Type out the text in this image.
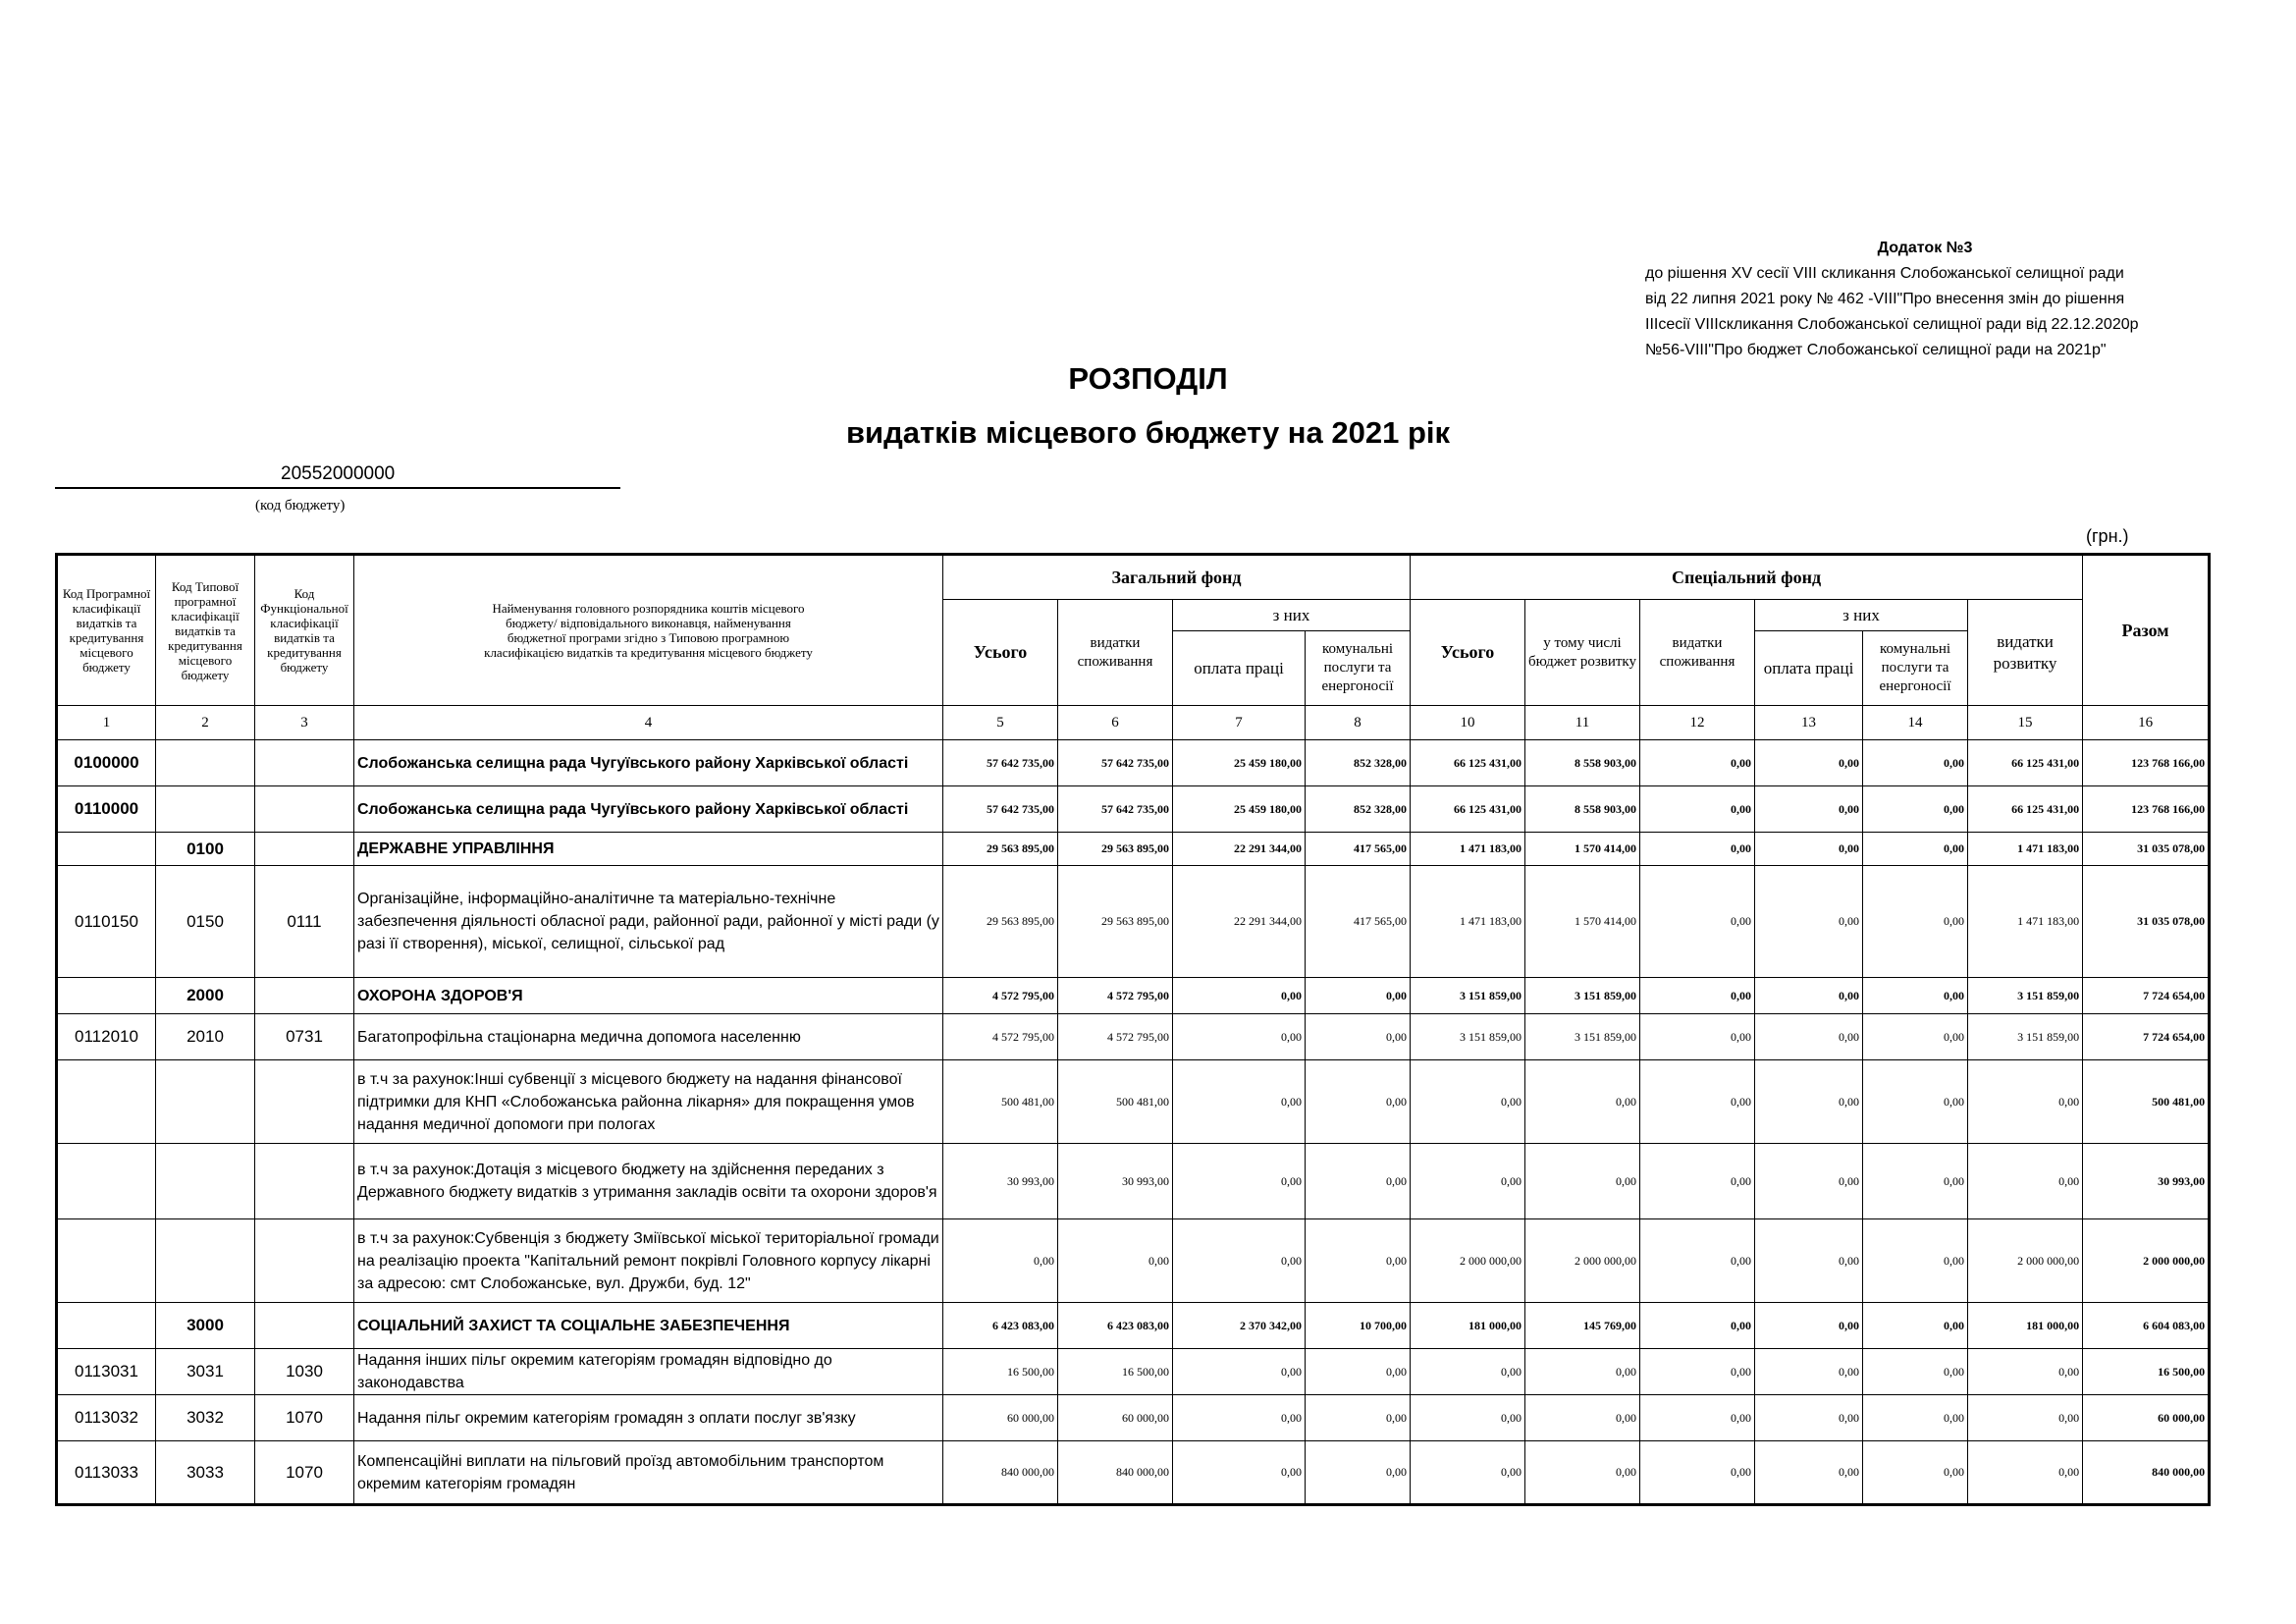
Додаток №3
до рішення XV сесії VIII скликання Слобожанської селищної ради
від 22 липня 2021 року № 462 -VIII"Про внесення змін до рішення
IIIсесії VIIIскликання Слобожанської селищної ради від 22.12.2020р
№56-VIII"Про бюджет Слобожанської селищної ради на 2021р"
РОЗПОДІЛ
видатків місцевого бюджету на 2021 рік
20552000000
(код бюджету)
(грн.)
Код Програмної класифікації видатків та кредитування місцевого бюджету	Код Типової програмної класифікації видатків та кредитування місцевого бюджету	Код Функціональної класифікації видатків та кредитування бюджету	Найменування головного розпорядника коштів місцевого бюджету/ відповідального виконавця, найменування бюджетної програми згідно з Типовою програмною класифікацією видатків та кредитування місцевого бюджету	Загальний фонд				Спеціальний фонд						Разом
				Усього	видатки споживання	з них		Усього	у тому числі бюджет розвитку	видатки споживання	з них		видатки розвитку	
						оплата праці	комунальні послуги та енергоносії				оплата праці	комунальні послуги та енергоносії		
1	2	3	4	5	6	7	8	10	11	12	13	14	15	16
0100000			Слобожанська селищна рада Чугуївського району Харківської області	57 642 735,00	57 642 735,00	25 459 180,00	852 328,00	66 125 431,00	8 558 903,00	0,00	0,00	0,00	66 125 431,00	123 768 166,00
0110000			Слобожанська селищна рада Чугуївського району Харківської області	57 642 735,00	57 642 735,00	25 459 180,00	852 328,00	66 125 431,00	8 558 903,00	0,00	0,00	0,00	66 125 431,00	123 768 166,00
	0100		ДЕРЖАВНЕ УПРАВЛІННЯ	29 563 895,00	29 563 895,00	22 291 344,00	417 565,00	1 471 183,00	1 570 414,00	0,00	0,00	0,00	1 471 183,00	31 035 078,00
0110150	0150	0111	Організаційне, інформаційно-аналітичне та матеріально-технічне забезпечення діяльності обласної ради, районної ради, районної у місті ради (у разі її створення), міської, селищної, сільської рад	29 563 895,00	29 563 895,00	22 291 344,00	417 565,00	1 471 183,00	1 570 414,00	0,00	0,00	0,00	1 471 183,00	31 035 078,00
	2000		ОХОРОНА ЗДОРОВ'Я	4 572 795,00	4 572 795,00	0,00	0,00	3 151 859,00	3 151 859,00	0,00	0,00	0,00	3 151 859,00	7 724 654,00
0112010	2010	0731	Багатопрофільна стаціонарна медична допомога населенню	4 572 795,00	4 572 795,00	0,00	0,00	3 151 859,00	3 151 859,00	0,00	0,00	0,00	3 151 859,00	7 724 654,00
			в т.ч за рахунок:Інші субвенції з місцевого бюджету на надання фінансової підтримки для КНП «Слобожанська районна лікарня» для покращення умов надання медичної допомоги при пологах	500 481,00	500 481,00	0,00	0,00	0,00	0,00	0,00	0,00	0,00	0,00	500 481,00
			в т.ч за рахунок:Дотація з місцевого бюджету на здійснення переданих з Державного бюджету видатків з утримання закладів освіти та охорони здоров'я	30 993,00	30 993,00	0,00	0,00	0,00	0,00	0,00	0,00	0,00	0,00	30 993,00
			в т.ч за рахунок:Субвенція з бюджету Зміївської міської територіальної громади на реалізацію проекта "Капітальний ремонт покрівлі Головного корпусу лікарні за адресою: смт Слобожанське, вул. Дружби, буд. 12"	0,00	0,00	0,00	0,00	2 000 000,00	2 000 000,00	0,00	0,00	0,00	2 000 000,00	2 000 000,00
	3000		СОЦІАЛЬНИЙ ЗАХИСТ ТА СОЦІАЛЬНЕ ЗАБЕЗПЕЧЕННЯ	6 423 083,00	6 423 083,00	2 370 342,00	10 700,00	181 000,00	145 769,00	0,00	0,00	0,00	181 000,00	6 604 083,00
0113031	3031	1030	Надання інших пільг окремим категоріям громадян відповідно до законодавства	16 500,00	16 500,00	0,00	0,00	0,00	0,00	0,00	0,00	0,00	0,00	16 500,00
0113032	3032	1070	Надання пільг окремим категоріям громадян з оплати послуг зв'язку	60 000,00	60 000,00	0,00	0,00	0,00	0,00	0,00	0,00	0,00	0,00	60 000,00
0113033	3033	1070	Компенсаційні виплати на пільговий проїзд автомобільним транспортом окремим категоріям громадян	840 000,00	840 000,00	0,00	0,00	0,00	0,00	0,00	0,00	0,00	0,00	840 000,00
